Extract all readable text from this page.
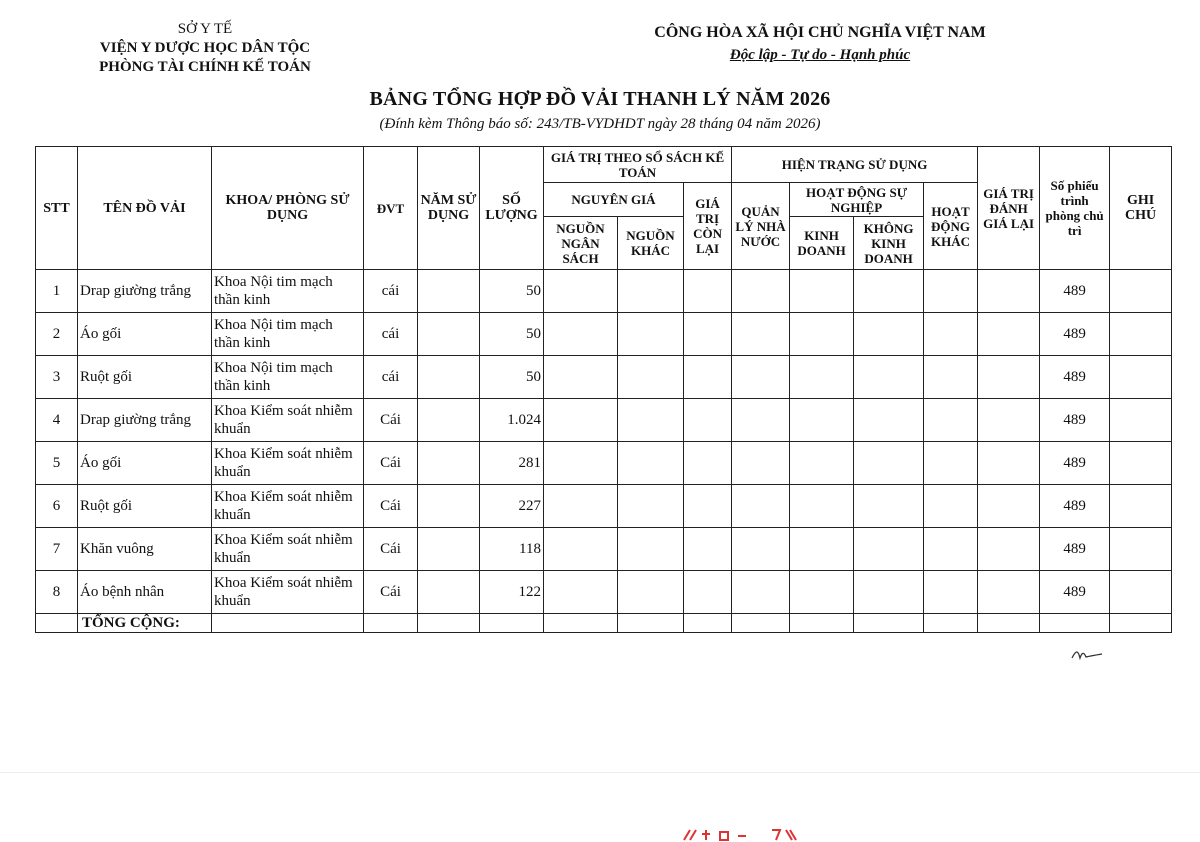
SỞ Y TẾ
VIỆN Y DƯỢC HỌC DÂN TỘC
PHÒNG TÀI CHÍNH KẾ TOÁN
CÔNG HÒA XÃ HỘI CHỦ NGHĨA VIỆT NAM
Độc lập - Tự do - Hạnh phúc
BẢNG TỔNG HỢP ĐỒ VẢI THANH LÝ NĂM 2026
(Đính kèm Thông báo số: 243/TB-VYDHDT ngày 28 tháng 04 năm 2026)
STT	TÊN ĐỒ VẢI	KHOA/ PHÒNG SỬ DỤNG	ĐVT	NĂM SỬ DỤNG	SỐ LƯỢNG	GIÁ TRỊ THEO SỔ SÁCH KẾ TOÁN			HIỆN TRẠNG SỬ DỤNG				GIÁ TRỊ ĐÁNH GIÁ LẠI	Số phiếu trình phòng chủ trì	GHI CHÚ
						NGUYÊN GIÁ		GIÁ TRỊ CÒN LẠI	QUẢN LÝ NHÀ NƯỚC	HOẠT ĐỘNG SỰ NGHIỆP		HOẠT ĐỘNG KHÁC			
						NGUỒN NGÂN SÁCH	NGUỒN KHÁC			KINH DOANH	KHÔNG KINH DOANH				
1	Drap giường trắng	Khoa Nội tim mạch thần kinh	cái		50									489	
2	Áo gối	Khoa Nội tim mạch thần kinh	cái		50									489	
3	Ruột gối	Khoa Nội tim mạch thần kinh	cái		50									489	
4	Drap giường trắng	Khoa Kiểm soát nhiễm khuẩn	Cái		1.024									489	
5	Áo gối	Khoa Kiểm soát nhiễm khuẩn	Cái		281									489	
6	Ruột gối	Khoa Kiểm soát nhiễm khuẩn	Cái		227									489	
7	Khăn vuông	Khoa Kiểm soát nhiễm khuẩn	Cái		118									489	
8	Áo bệnh nhân	Khoa Kiểm soát nhiễm khuẩn	Cái		122									489	
	TỔNG CỘNG:														
